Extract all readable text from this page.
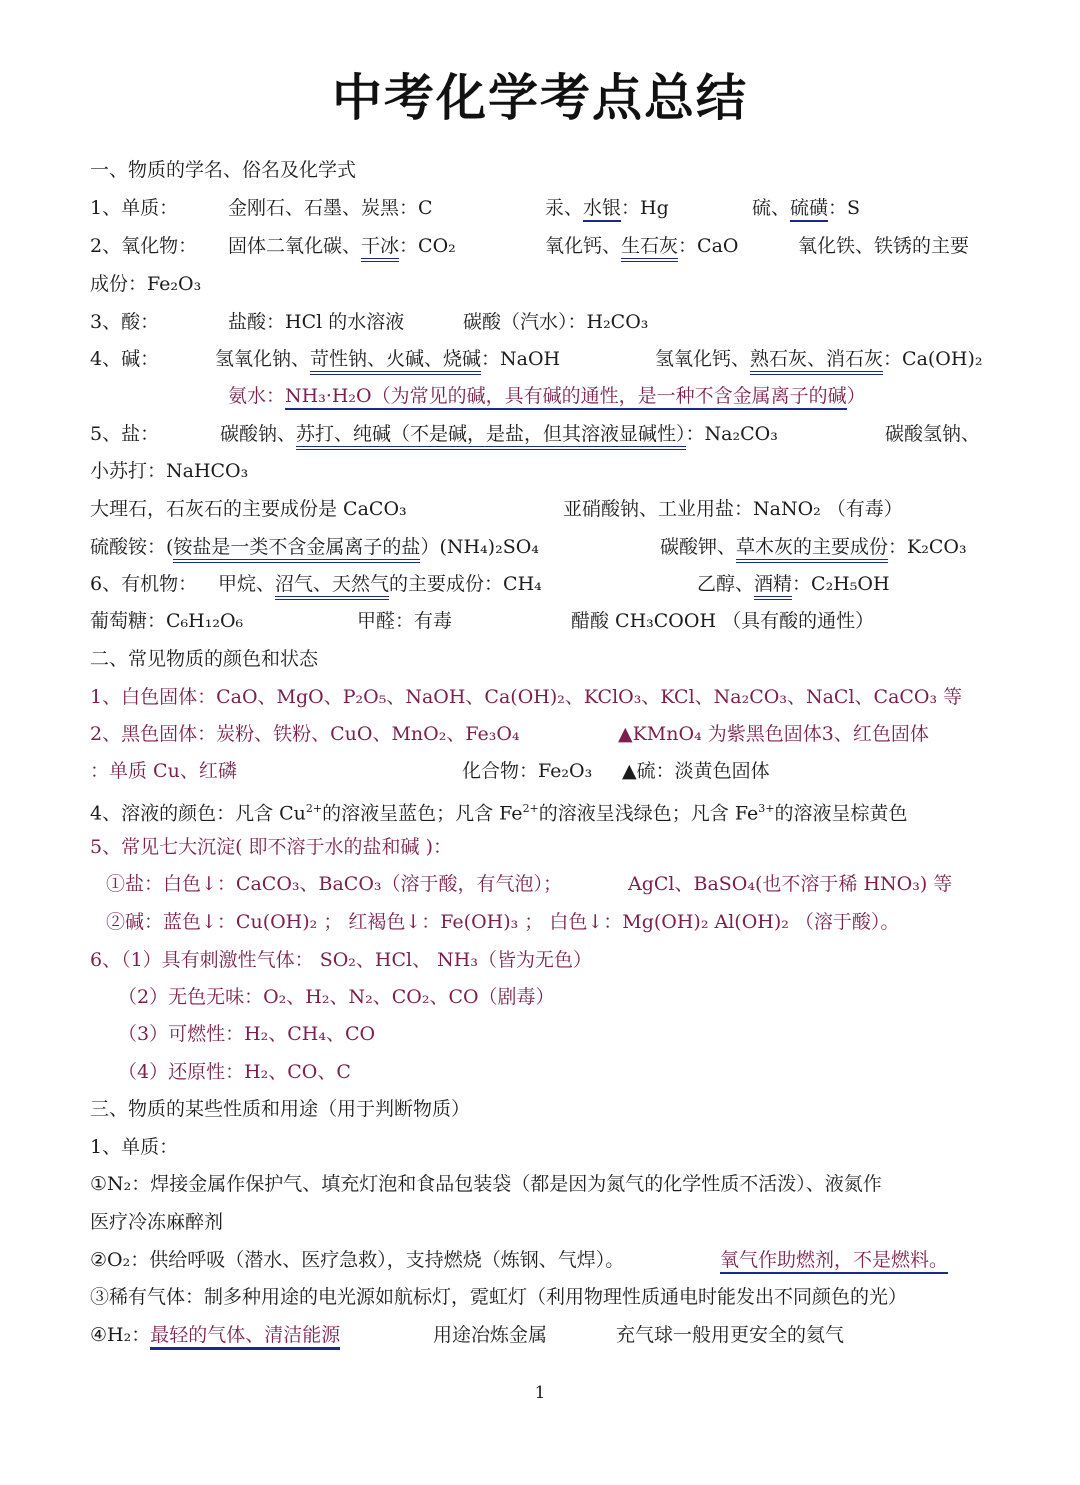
中考化学考点总结
一、物质的学名、俗名及化学式
1、单质：	金刚石、石墨、炭黑：C	汞、水银：Hg	硫、硫磺：S
2、氧化物： 固体二氧化碳、干冰：CO₂	氧化钙、生石灰：CaO	氧化铁、铁锈的主要
成份：Fe₂O₃
3、酸：	盐酸：HCl 的水溶液	碳酸（汽水）：H₂CO₃
4、碱：	氢氧化钠、苛性钠、火碱、烧碱：NaOH	氢氧化钙、熟石灰、消石灰：Ca(OH)₂
氨水：NH₃·H₂O（为常见的碱，具有碱的通性，是一种不含金属离子的碱）
5、盐：	碳酸钠、苏打、纯碱（不是碱，是盐，但其溶液显碱性）：Na₂CO₃	碳酸氢钠、
小苏打：NaHCO₃
大理石，石灰石的主要成份是 CaCO₃	亚硝酸钠、工业用盐：NaNO₂ （有毒）
硫酸铵：(铵盐是一类不含金属离子的盐）(NH₄)₂SO₄	碳酸钾、草木灰的主要成份：K₂CO₃
6、有机物： 甲烷、沼气、天然气的主要成份：CH₄	乙醇、酒精：C₂H₅OH
葡萄糖：C₆H₁₂O₆	甲醛：有毒	醋酸 CH₃COOH （具有酸的通性）
二、常见物质的颜色和状态
1、白色固体：CaO、MgO、P₂O₅、NaOH、Ca(OH)₂、KClO₃、KCl、Na₂CO₃、NaCl、CaCO₃ 等
2、黑色固体：炭粉、铁粉、CuO、MnO₂、Fe₃O₄	▲KMnO₄ 为紫黑色固体3、红色固体
：单质 Cu、红磷	化合物：Fe₂O₃ ▲硫：淡黄色固体
4、溶液的颜色：凡含 $Cu^{2+}$的溶液呈蓝色；凡含 $Fe^{2+}$的溶液呈浅绿色；凡含 $Fe^{3+}$的溶液呈棕黄色
5、常见七大沉淀( 即不溶于水的盐和碱 )：
①盐：白色↓：CaCO₃、BaCO₃（溶于酸，有气泡）；	AgCl、BaSO₄(也不溶于稀 HNO₃) 等
②碱：蓝色↓：Cu(OH)₂ ； 红褐色↓：Fe(OH)₃ ； 白色↓：Mg(OH)₂ Al(OH)₂ （溶于酸）。
6、（1）具有刺激性气体： SO₂、HCl、 NH₃（皆为无色）
（2）无色无味：O₂、H₂、N₂、CO₂、CO（剧毒）
（3）可燃性：H₂、CH₄、CO
（4）还原性：H₂、CO、C
三、物质的某些性质和用途（用于判断物质）
1、单质：
①N₂：焊接金属作保护气、填充灯泡和食品包装袋（都是因为氮气的化学性质不活泼）、液氮作
医疗冷冻麻醉剂
②O₂：供给呼吸（潜水、医疗急救），支持燃烧（炼钢、气焊）。	氧气作助燃剂，不是燃料。
③稀有气体：制多种用途的电光源如航标灯，霓虹灯（利用物理性质通电时能发出不同颜色的光）
④H₂：最轻的气体、清洁能源	用途冶炼金属	充气球一般用更安全的氦气
1
